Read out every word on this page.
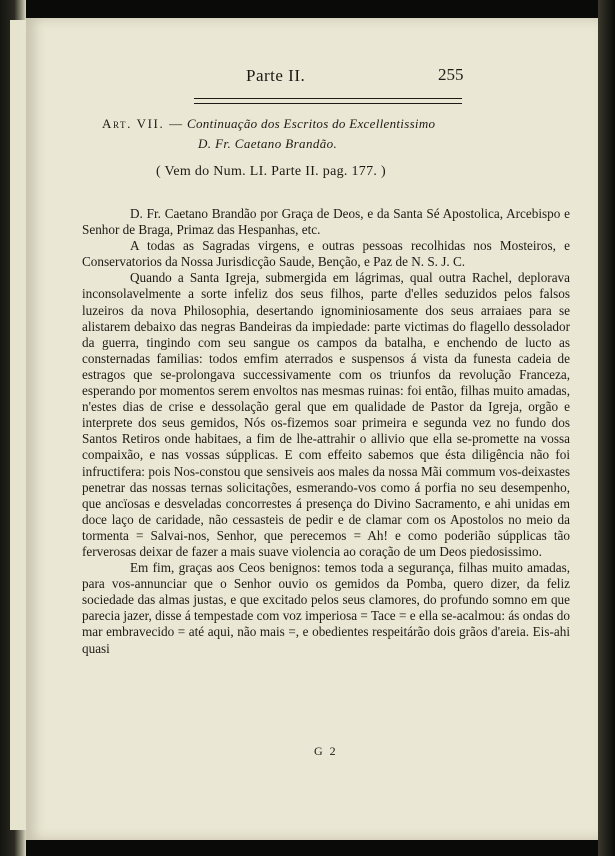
Parte II.	255
Art. VII. — Continuação dos Escritos do Excellentissimo
D. Fr. Caetano Brandão.
( Vem do Num. LI. Parte II. pag. 177. )

D. Fr. Caetano Brandão por Graça de Deos, e da Santa Sé Apostolica, Arcebispo e Senhor de Braga, Primaz das Hespanhas, etc.

A todas as Sagradas virgens, e outras pessoas recolhidas nos Mosteiros, e Conservatorios da Nossa Jurisdicção Saude, Benção, e Paz de N. S. J. C.

Quando a Santa Igreja, submergida em lágrimas, qual outra Rachel, deplorava inconsolavelmente a sorte infeliz dos seus filhos, parte d'elles seduzidos pelos falsos luzeiros da nova Philosophia, desertando ignominiosamente dos seus arraiaes para se alistarem debaixo das negras Bandeiras da impiedade: parte victimas do flagello dessolador da guerra, tingindo com seu sangue os campos da batalha, e enchendo de lucto as consternadas familias: todos emfim aterrados e suspensos á vista da funesta cadeia de estragos que se-prolongava successivamente com os triunfos da revolução Franceza, esperando por momentos serem envoltos nas mesmas ruinas: foi então, filhas muito amadas, n'estes dias de crise e dessolação geral que em qualidade de Pastor da Igreja, orgão e interprete dos seus gemidos, Nós os-fizemos soar primeira e segunda vez no fundo dos Santos Retiros onde habitaes, a fim de lhe-attrahir o allivio que ella se-promette na vossa compaixão, e nas vossas súpplicas. E com effeito sabemos que ésta diligência não foi infructifera: pois Nos-constou que sensiveis aos males da nossa Mãi commum vos-deixastes penetrar das nossas ternas solicitações, esmerando-vos como á porfia no seu desempenho, que ancïosas e desveladas concorrestes á presença do Divino Sacramento, e ahi unidas em doce laço de caridade, não cessasteis de pedir e de clamar com os Apostolos no meio da tormenta = Salvai-nos, Senhor, que perecemos = Ah! e como poderião súpplicas tão ferverosas deixar de fazer a mais suave violencia ao coração de um Deos piedosissimo.

Em fim, graças aos Ceos benignos: temos toda a segurança, filhas muito amadas, para vos-annunciar que o Senhor ouvio os gemidos da Pomba, quero dizer, da feliz sociedade das almas justas, e que excitado pelos seus clamores, do profundo somno em que parecia jazer, disse á tempestade com voz imperiosa = Tace = e ella se-acalmou: ás ondas do mar embravecido = até aqui, não mais =, e obedientes respeitárão dois grãos d'areia. Eis-ahi quasi

G 2
